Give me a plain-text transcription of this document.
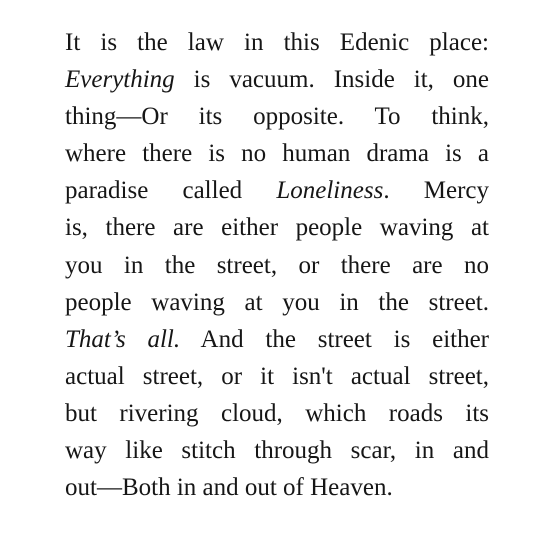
It is the law in this Edenic place:
Everything is vacuum. Inside it, one
thing—Or its opposite. To think,
where there is no human drama is a
paradise called Loneliness. Mercy
is, there are either people waving at
you in the street, or there are no
people waving at you in the street.
That’s all. And the street is either
actual street, or it isn't actual street,
but rivering cloud, which roads its
way like stitch through scar, in and
out—Both in and out of Heaven.
